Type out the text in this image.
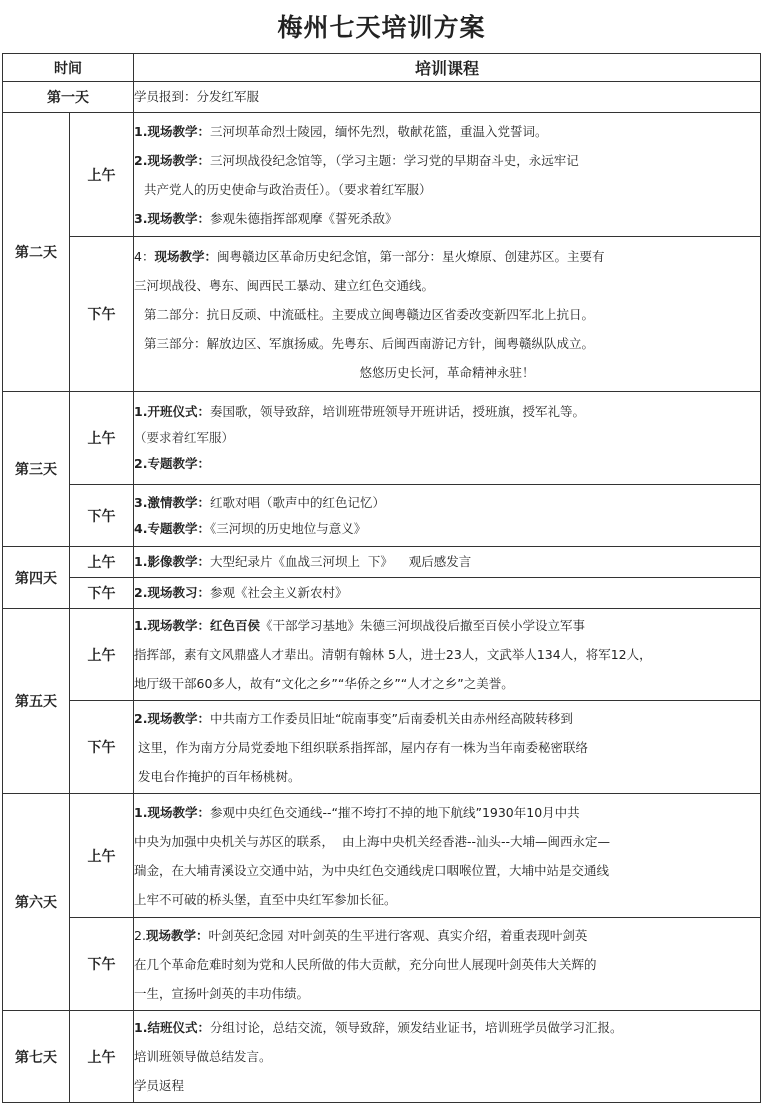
梅州七天培训方案
时间		培训课程
第一天		学员报到：分发红军服

第二天	上午	1.现场教学：三河坝革命烈士陵园，缅怀先烈，敬献花篮，重温入党誓词。
2.现场教学：三河坝战役纪念馆等，（学习主题：学习党的早期奋斗史，永远牢记
共产党人的历史使命与政治责任）。（要求着红军服）
3.现场教学：参观朱德指挥部观摩《誓死杀敌》

	下午	4：现场教学：闽粤赣边区革命历史纪念馆，第一部分：星火燎原、创建苏区。主要有
三河坝战役、粤东、闽西民工暴动、建立红色交通线。
第二部分：抗日反顽、中流砥柱。主要成立闽粤赣边区省委改变新四军北上抗日。
第三部分：解放边区、军旗扬威。先粤东、后闽西南游记方针，闽粤赣纵队成立。
悠悠历史长河，革命精神永驻！

第三天	上午	1.开班仪式：奏国歌，领导致辞，培训班带班领导开班讲话，授班旗，授军礼等。
（要求着红军服）
2.专题教学：

	下午	3.激情教学：红歌对唱（歌声中的红色记忆）
4.专题教学：《三河坝的历史地位与意义》

第四天	上午	1.影像教学：大型纪录片《血战三河坝上  下》    观后感发言

	下午	2.现场教习：参观《社会主义新农村》

第五天	上午	1.现场教学：红色百侯《干部学习基地》朱德三河坝战役后撤至百侯小学设立军事
指挥部，素有文风鼎盛人才辈出。清朝有翰林 5人，进士23人，文武举人134人，将军12人，
地厅级干部60多人，故有“文化之乡”“华侨之乡”“人才之乡”之美誉。

	下午	2.现场教学：中共南方工作委员旧址“皖南事变”后南委机关由赤州经高陂转移到
这里，作为南方分局党委地下组织联系指挥部，屋内存有一株为当年南委秘密联络
发电台作掩护的百年杨桃树。

第六天	上午	1.现场教学：参观中央红色交通线--“摧不垮打不掉的地下航线”1930年10月中共
中央为加强中央机关与苏区的联系，  由上海中央机关经香港--汕头--大埔—闽西永定—
瑞金，在大埔青溪设立交通中站，为中央红色交通线虎口咽喉位置，大埔中站是交通线
上牢不可破的桥头堡，直至中央红军参加长征。

	下午	2.现场教学：叶剑英纪念园 对叶剑英的生平进行客观、真实介绍，着重表现叶剑英
在几个革命危难时刻为党和人民所做的伟大贡献，充分向世人展现叶剑英伟大关辉的
一生，宣扬叶剑英的丰功伟绩。

第七天	上午	1.结班仪式：分组讨论，总结交流，领导致辞，颁发结业证书，培训班学员做学习汇报。
培训班领导做总结发言。
学员返程
